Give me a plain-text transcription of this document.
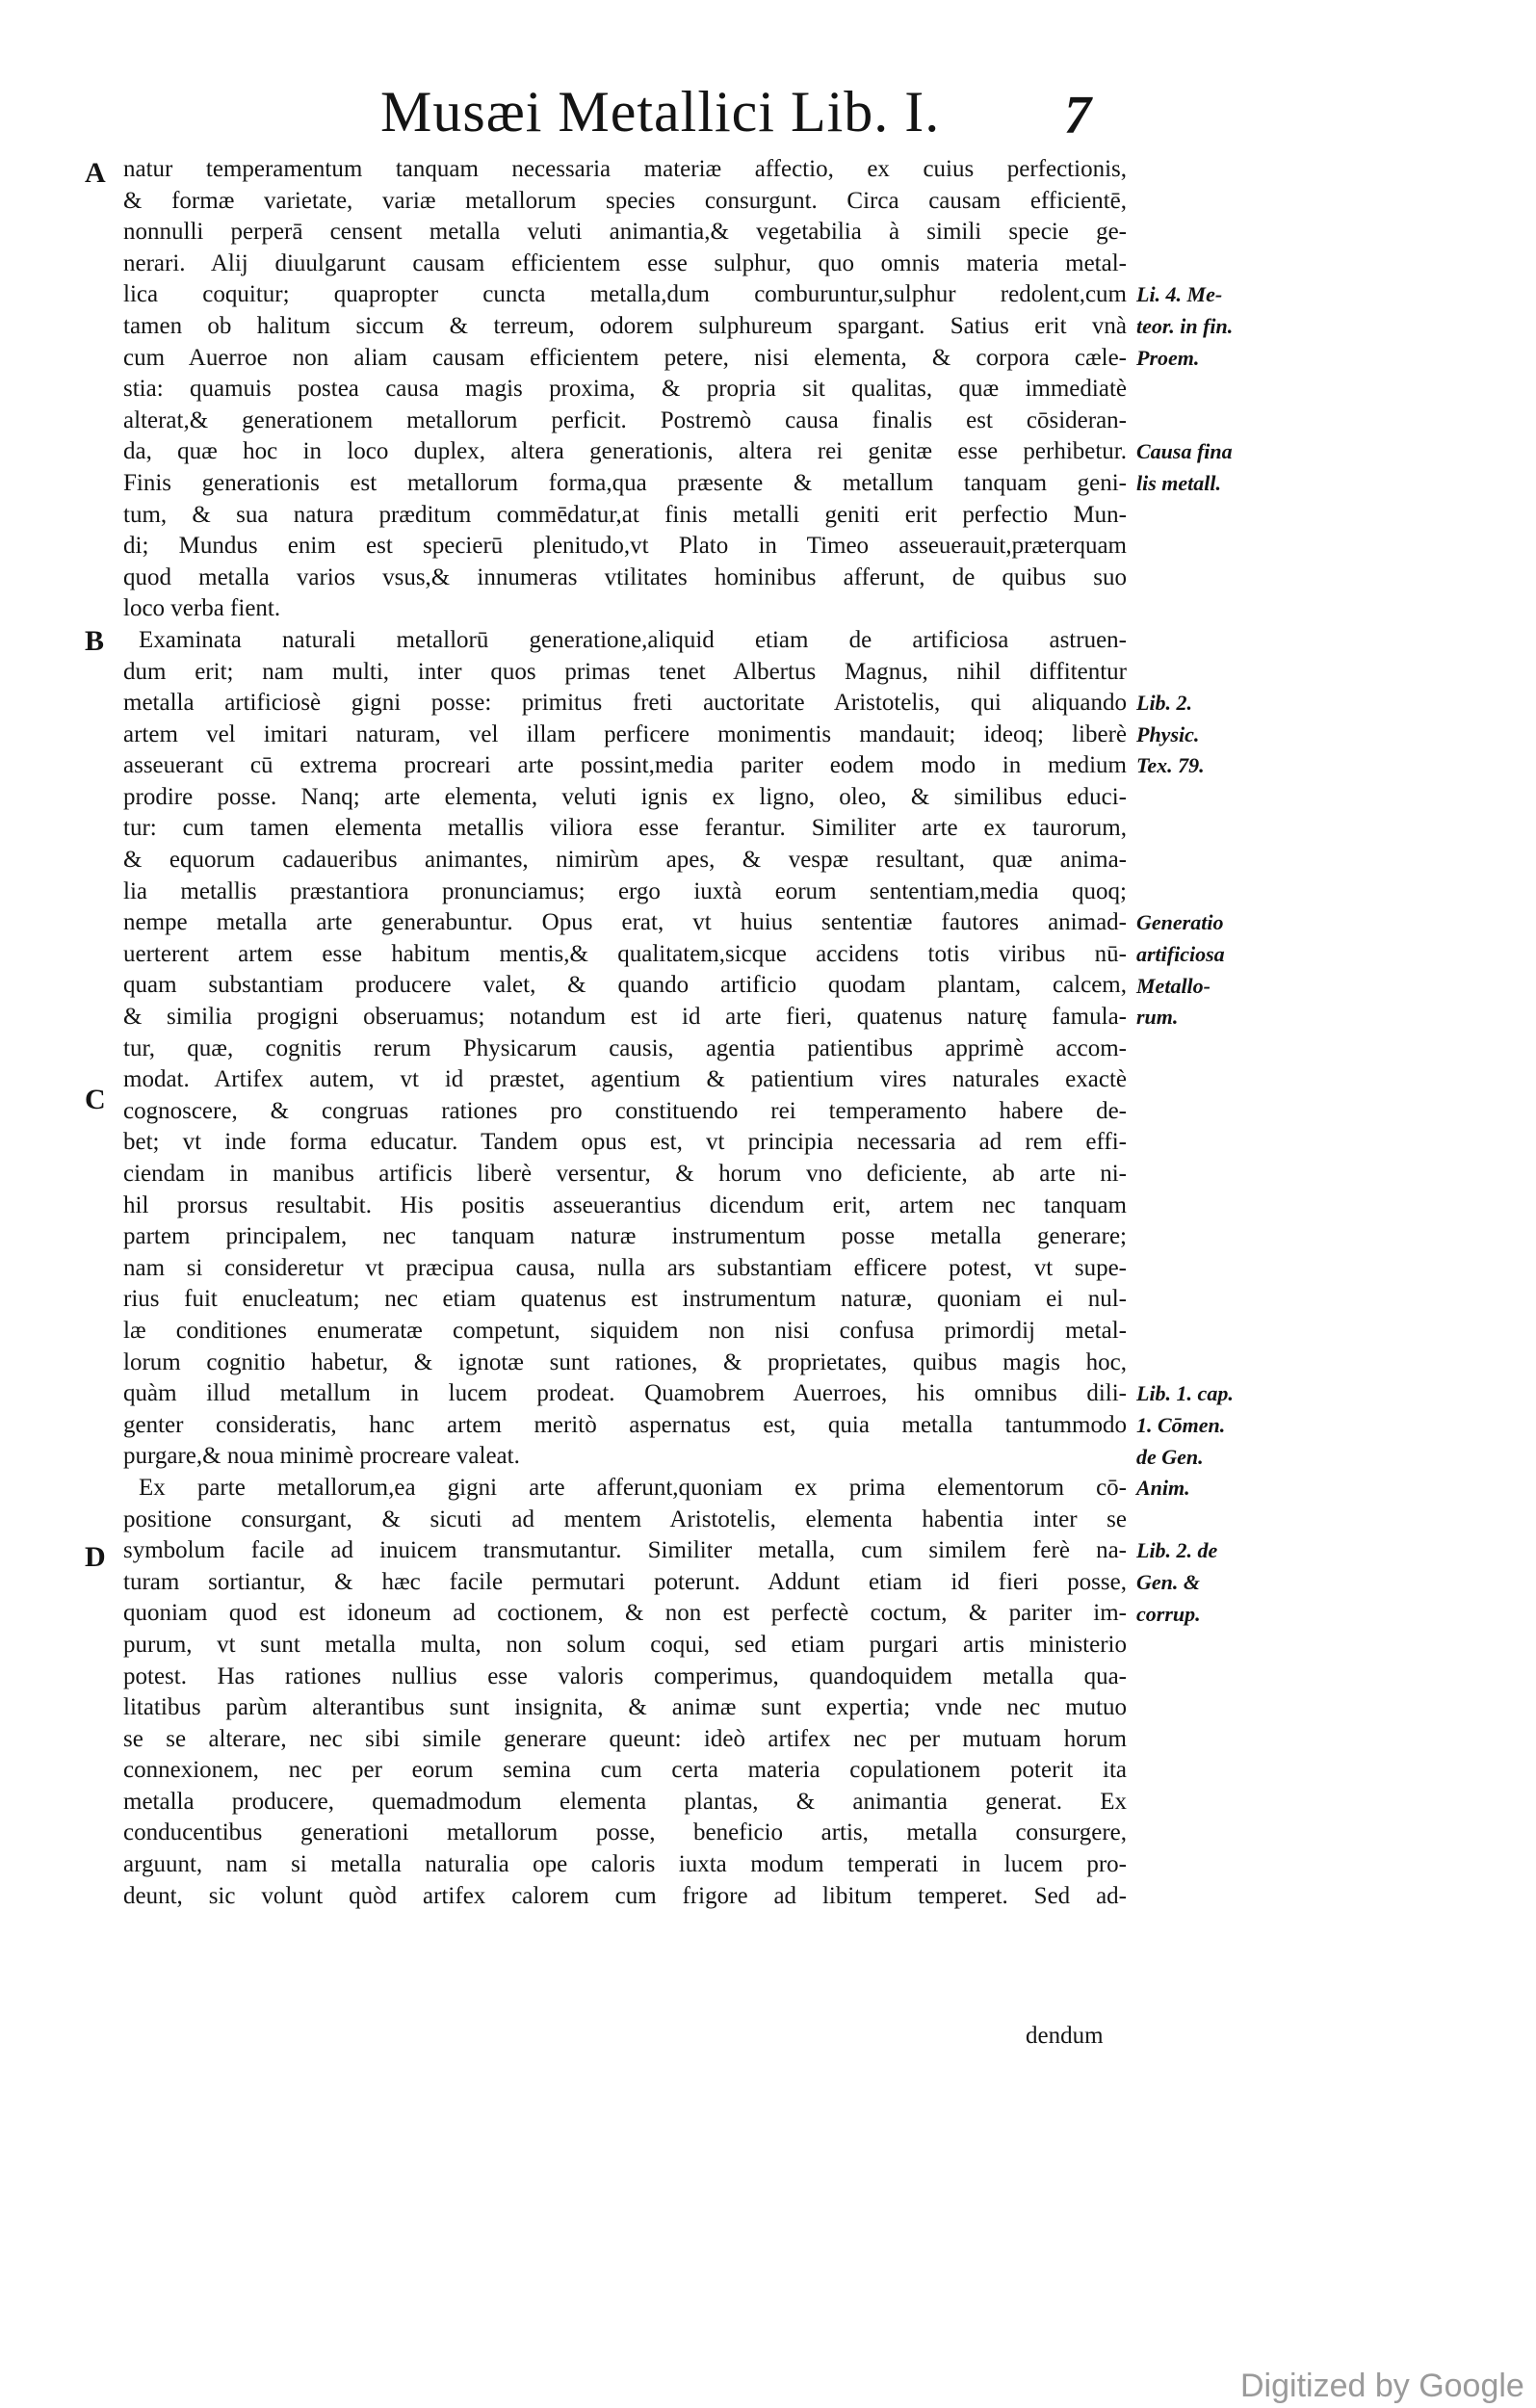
Musæi Metallici Lib. I. 7
A
B
C
D
natur temperamentum tanquam necessaria materiæ affectio, ex cuius perfectionis,
& formæ varietate, variæ metallorum species consurgunt. Circa causam efficientē,
nonnulli perperā censent metalla veluti animantia,& vegetabilia à simili specie ge-
nerari. Alij diuulgarunt causam efficientem esse sulphur, quo omnis materia metal-
lica coquitur; quapropter cuncta metalla,dum comburuntur,sulphur redolent,cum
tamen ob halitum siccum & terreum, odorem sulphureum spargant. Satius erit vnà
cum Auerroe non aliam causam efficientem petere, nisi elementa, & corpora cæle-
stia: quamuis postea causa magis proxima, & propria sit qualitas, quæ immediatè
alterat,& generationem metallorum perficit. Postremò causa finalis est cōsideran-
da, quæ hoc in loco duplex, altera generationis, altera rei genitæ esse perhibetur.
Finis generationis est metallorum forma,qua præsente & metallum tanquam geni-
tum, & sua natura præditum commēdatur,at finis metalli geniti erit perfectio Mun-
di; Mundus enim est specierū plenitudo,vt Plato in Timeo asseuerauit,præterquam
quod metalla varios vsus,& innumeras vtilitates hominibus afferunt, de quibus suo
loco verba fient.
Examinata naturali metallorū generatione,aliquid etiam de artificiosa astruen-
dum erit; nam multi, inter quos primas tenet Albertus Magnus, nihil diffitentur
metalla artificiosè gigni posse: primitus freti auctoritate Aristotelis, qui aliquando
artem vel imitari naturam, vel illam perficere monimentis mandauit; ideoq; liberè
asseuerant cū extrema procreari arte possint,media pariter eodem modo in medium
prodire posse. Nanq; arte elementa, veluti ignis ex ligno, oleo, & similibus educi-
tur: cum tamen elementa metallis viliora esse ferantur. Similiter arte ex taurorum,
& equorum cadaueribus animantes, nimirùm apes, & vespæ resultant, quæ anima-
lia metallis præstantiora pronunciamus; ergo iuxtà eorum sententiam,media quoq;
nempe metalla arte generabuntur. Opus erat, vt huius sententiæ fautores animad-
uerterent artem esse habitum mentis,& qualitatem,sicque accidens totis viribus nū-
quam substantiam producere valet, & quando artificio quodam plantam, calcem,
& similia progigni obseruamus; notandum est id arte fieri, quatenus naturę famula-
tur, quæ, cognitis rerum Physicarum causis, agentia patientibus apprimè accom-
modat. Artifex autem, vt id præstet, agentium & patientium vires naturales exactè
cognoscere, & congruas rationes pro constituendo rei temperamento habere de-
bet; vt inde forma educatur. Tandem opus est, vt principia necessaria ad rem effi-
ciendam in manibus artificis liberè versentur, & horum vno deficiente, ab arte ni-
hil prorsus resultabit. His positis asseuerantius dicendum erit, artem nec tanquam
partem principalem, nec tanquam naturæ instrumentum posse metalla generare;
nam si consideretur vt præcipua causa, nulla ars substantiam efficere potest, vt supe-
rius fuit enucleatum; nec etiam quatenus est instrumentum naturæ, quoniam ei nul-
læ conditiones enumeratæ competunt, siquidem non nisi confusa primordij metal-
lorum cognitio habetur, & ignotæ sunt rationes, & proprietates, quibus magis hoc,
quàm illud metallum in lucem prodeat. Quamobrem Auerroes, his omnibus dili-
genter consideratis, hanc artem meritò aspernatus est, quia metalla tantummodo
purgare,& noua minimè procreare valeat.
Ex parte metallorum,ea gigni arte afferunt,quoniam ex prima elementorum cō-
positione consurgant, & sicuti ad mentem Aristotelis, elementa habentia inter se
symbolum facile ad inuicem transmutantur. Similiter metalla, cum similem ferè na-
turam sortiantur, & hæc facile permutari poterunt. Addunt etiam id fieri posse,
quoniam quod est idoneum ad coctionem, & non est perfectè coctum, & pariter im-
purum, vt sunt metalla multa, non solum coqui, sed etiam purgari artis ministerio
potest. Has rationes nullius esse valoris comperimus, quandoquidem metalla qua-
litatibus parùm alterantibus sunt insignita, & animæ sunt expertia; vnde nec mutuo
se se alterare, nec sibi simile generare queunt: ideò artifex nec per mutuam horum
connexionem, nec per eorum semina cum certa materia copulationem poterit ita
metalla producere, quemadmodum elementa plantas, & animantia generat. Ex
conducentibus generationi metallorum posse, beneficio artis, metalla consurgere,
arguunt, nam si metalla naturalia ope caloris iuxta modum temperati in lucem pro-
deunt, sic volunt quòd artifex calorem cum frigore ad libitum temperet. Sed ad-
Li. 4. Me-
teor. in fin.
Proem.
Causa fina
lis metall.
Lib. 2.
Physic.
Tex. 79.
Generatio
artificiosa
Metallo-
rum.
Lib. 1. cap.
1. Cōmen.
de Gen.
Anim.
Lib. 2. de
Gen. &
corrup.
dendum
Digitized by Google
